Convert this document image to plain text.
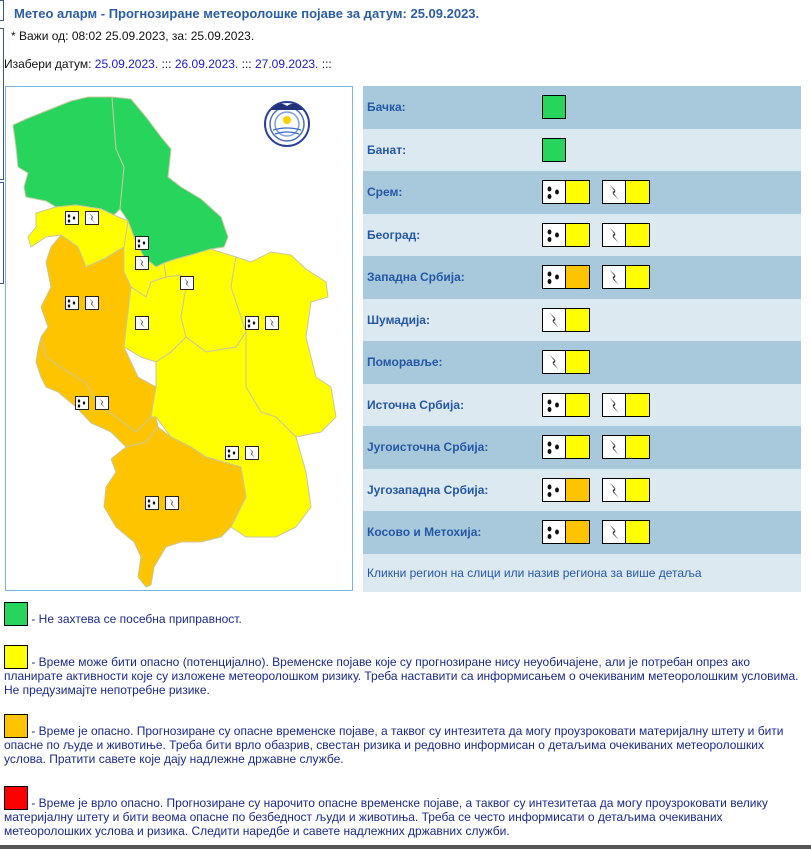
Метео аларм - Прогнозиране метеоролошке појаве за датум: 25.09.2023.
* Важи од: 08:02 25.09.2023, за: 25.09.2023.
Изабери датум: 25.09.2023. ::: 26.09.2023. ::: 27.09.2023. :::
Бачка:	
Банат:	
Срем:	

Београд:	

Западна Србија:	

Шумадија:	

Поморавље:	

Источна Србија:	

Југоисточна Србија:	

Југозападна Србија:	

Косово и Метохија:	

Кликни регион на слици или назив региона за више детаља	
- Не захтева се посебна приправност.
- Време може бити опасно (потенцијално). Временске појаве које су прогнозиране нису неуобичајене, али је потребан опрез ако планирате активности које су изложене метеоролошком ризику. Треба наставити са информисањем о очекиваним метеоролошким условима. Не предузимајте непотребне ризике.
- Време је опасно. Прогнозиране су опасне временске појаве, а таквог су интезитета да могу проузроковати материјалну штету и бити опасне по људе и животиње. Треба бити врло обазрив, свестан ризика и редовно информисан о детаљима очекиваних метеоролошких услова. Пратити савете које дају надлежне државне службе.
- Време је врло опасно. Прогнозиране су нарочито опасне временске појаве, а таквог су интезитетаа да могу проузроковати велику материјалну штету и бити веома опасне по безбедност људи и животиња. Треба се често информисати о детаљима очекиваних метеоролошких услова и ризика. Следити наредбе и савете надлежних државних служби.
